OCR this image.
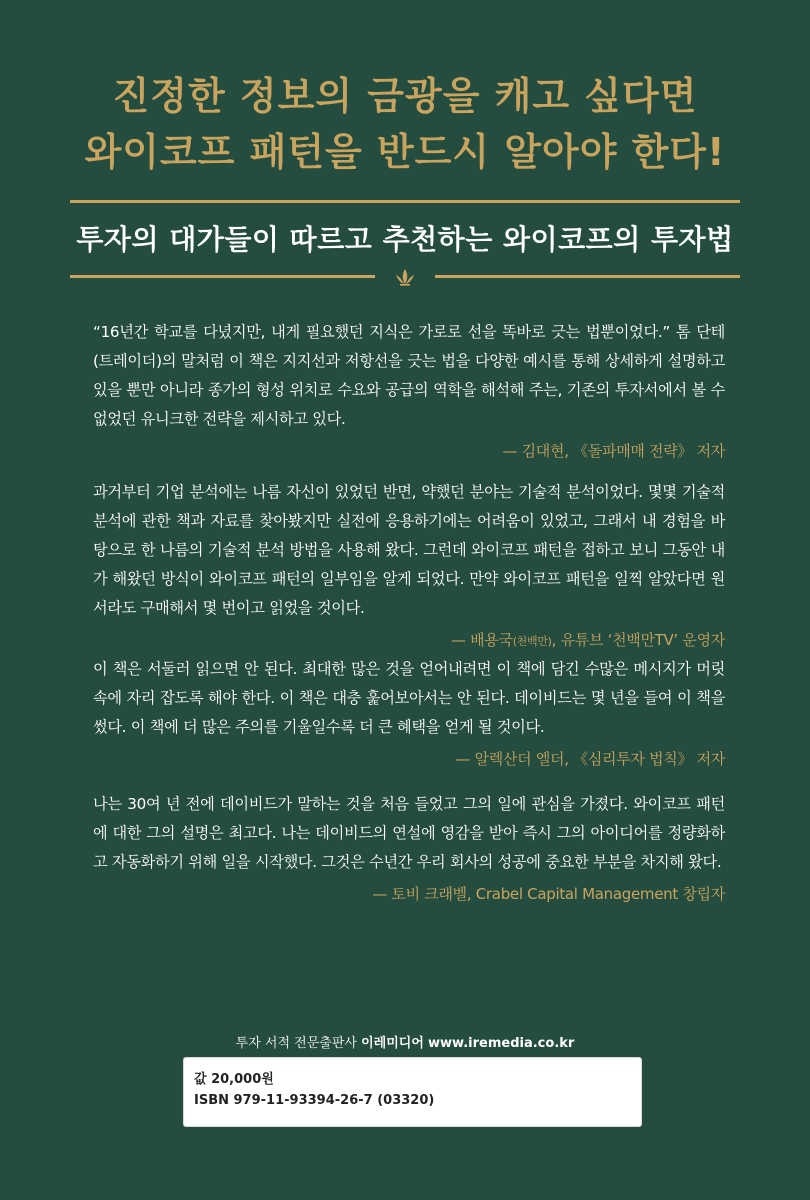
진정한 정보의 금광을 캐고 싶다면
와이코프 패턴을 반드시 알아야 한다!
투자의 대가들이 따르고 추천하는 와이코프의 투자법

“16년간 학교를 다녔지만, 내게 필요했던 지식은 가로로 선을 똑바로 긋는 법뿐이었다.” 톰 단테(트레이더)의 말처럼 이 책은 지지선과 저항선을 긋는 법을 다양한 예시를 통해 상세하게 설명하고 있을 뿐만 아니라 종가의 형성 위치로 수요와 공급의 역학을 해석해 주는, 기존의 투자서에서 볼 수 없었던 유니크한 전략을 제시하고 있다.

— 김대현, 《돌파매매 전략》 저자

과거부터 기업 분석에는 나름 자신이 있었던 반면, 약했던 분야는 기술적 분석이었다. 몇몇 기술적 분석에 관한 책과 자료를 찾아봤지만 실전에 응용하기에는 어려움이 있었고, 그래서 내 경험을 바탕으로 한 나름의 기술적 분석 방법을 사용해 왔다. 그런데 와이코프 패턴을 접하고 보니 그동안 내가 해왔던 방식이 와이코프 패턴의 일부임을 알게 되었다. 만약 와이코프 패턴을 일찍 알았다면 원서라도 구매해서 몇 번이고 읽었을 것이다.

— 배용국(천백만), 유튜브 ‘천백만TV’ 운영자

이 책은 서둘러 읽으면 안 된다. 최대한 많은 것을 얻어내려면 이 책에 담긴 수많은 메시지가 머릿속에 자리 잡도록 해야 한다. 이 책은 대충 훑어보아서는 안 된다. 데이비드는 몇 년을 들여 이 책을 썼다. 이 책에 더 많은 주의를 기울일수록 더 큰 혜택을 얻게 될 것이다.

— 알렉산더 엘더, 《심리투자 법칙》 저자

나는 30여 년 전에 데이비드가 말하는 것을 처음 들었고 그의 일에 관심을 가졌다. 와이코프 패턴에 대한 그의 설명은 최고다. 나는 데이비드의 연설에 영감을 받아 즉시 그의 아이디어를 정량화하고 자동화하기 위해 일을 시작했다. 그것은 수년간 우리 회사의 성공에 중요한 부분을 차지해 왔다.

— 토비 크래벨, Crabel Capital Management 창립자
투자 서적 전문출판사 이레미디어 www.iremedia.co.kr
값 20,000원
ISBN 979-11-93394-26-7 (03320)
